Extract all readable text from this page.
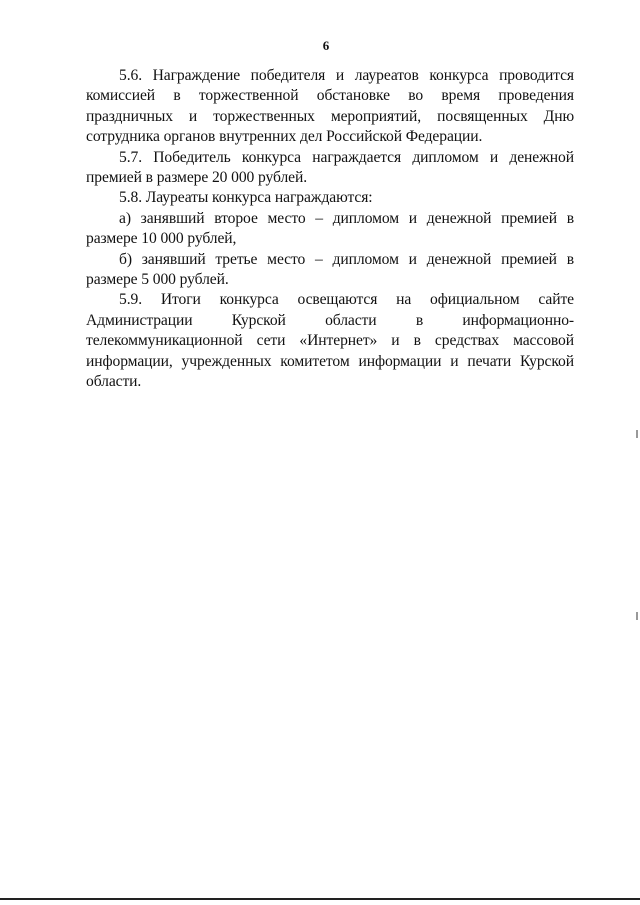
6

5.6. Награждение победителя и лауреатов конкурса проводится комиссией в торжественной обстановке во время проведения праздничных и торжественных мероприятий, посвященных Дню сотрудника органов внутренних дел Российской Федерации.

5.7. Победитель конкурса награждается дипломом и денежной премией в размере 20 000 рублей.

5.8. Лауреаты конкурса награждаются:

а) занявший второе место – дипломом и денежной премией в размере 10 000 рублей,

б) занявший третье место – дипломом и денежной премией в размере 5 000 рублей.

5.9. Итоги конкурса освещаются на официальном сайте Администрации Курской области в информационно-телекоммуникационной сети «Интернет» и в средствах массовой информации, учрежденных комитетом информации и печати Курской области.
